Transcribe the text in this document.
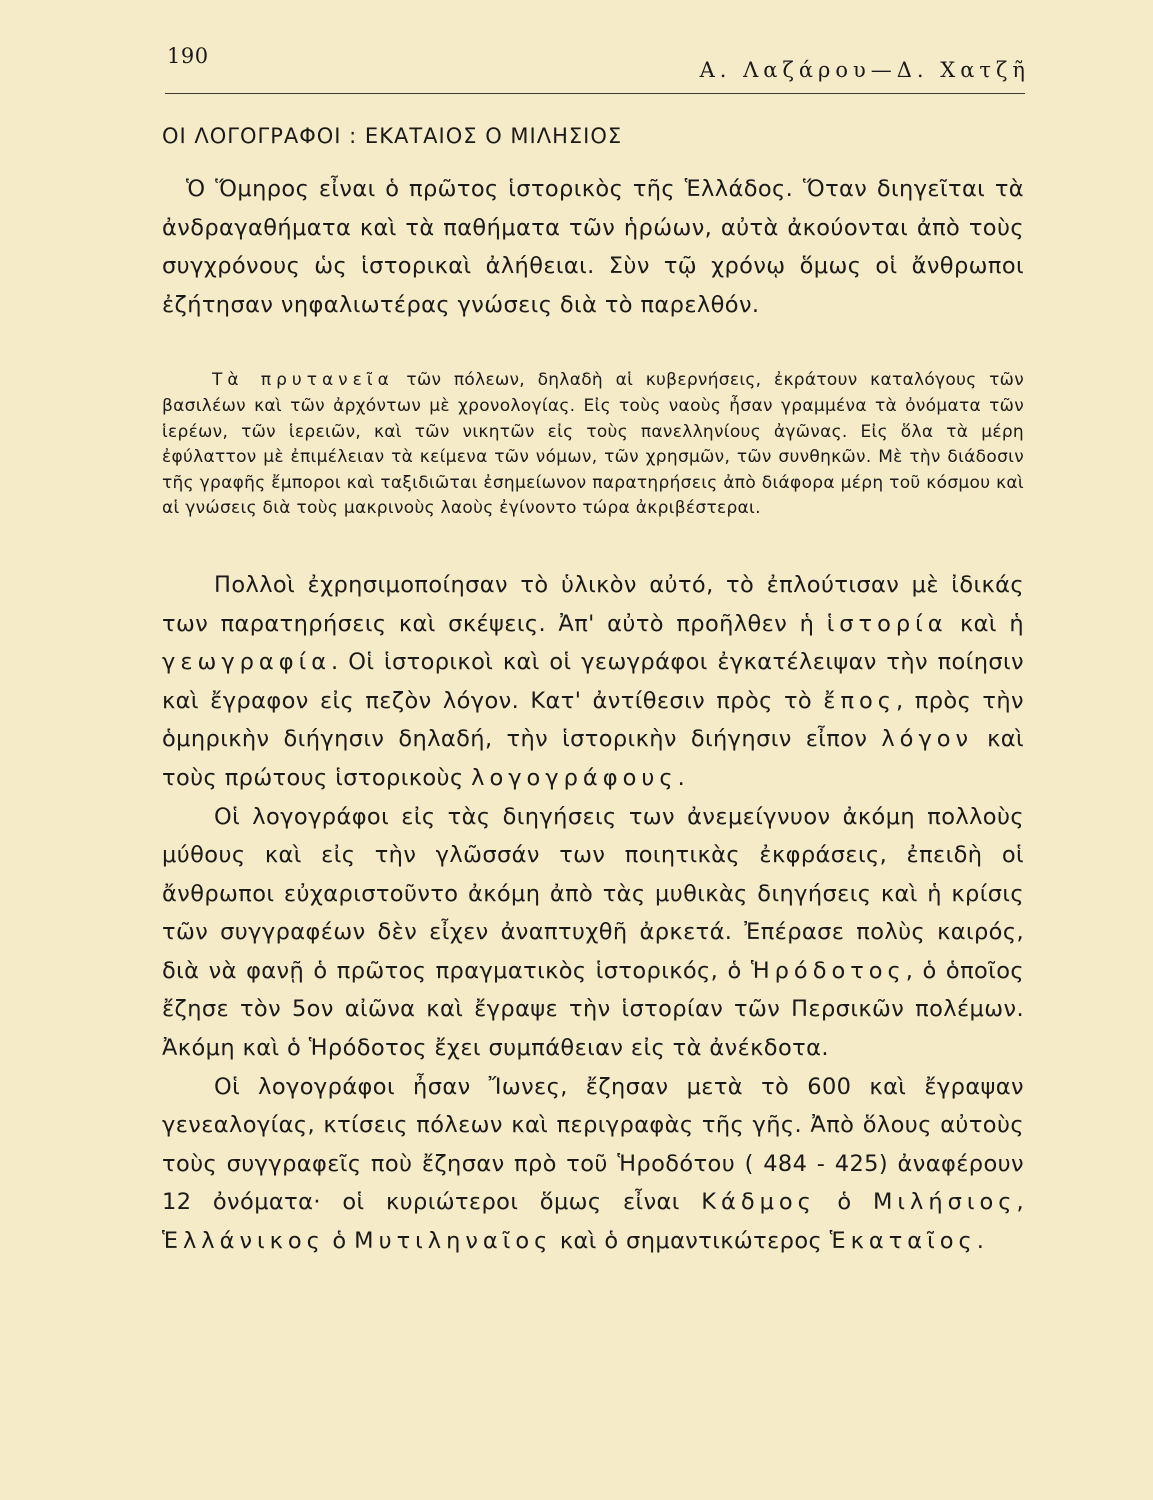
190
Α. Λαζάρου—Δ. Χατζῆ
ΟΙ ΛΟΓΟΓΡΑΦΟΙ : ΕΚΑΤΑΙΟΣ Ο ΜΙΛΗΣΙΟΣ

Ὁ Ὅμηρος εἶναι ὁ πρῶτος ἱστορικὸς τῆς Ἑλλάδος. Ὅταν διηγεῖται τὰ ἀνδραγαθήματα καὶ τὰ παθήματα τῶν ἡρώων, αὐτὰ ἀκούονται ἀπὸ τοὺς συγχρόνους ὡς ἱστορικαὶ ἀλήθειαι. Σὺν τῷ χρόνῳ ὅμως οἱ ἄνθρωποι ἐζήτησαν νηφαλιωτέρας γνώσεις διὰ τὸ παρελθόν.

Τὰ πρυτανεῖα τῶν πόλεων, δηλαδὴ αἱ κυβερνήσεις, ἐκράτουν καταλόγους τῶν βασιλέων καὶ τῶν ἀρχόντων μὲ χρονολογίας. Εἰς τοὺς ναοὺς ἦσαν γραμμένα τὰ ὀνόματα τῶν ἱερέων, τῶν ἱερειῶν, καὶ τῶν νικητῶν εἰς τοὺς πανελληνίους ἀγῶνας. Εἰς ὅλα τὰ μέρη ἐφύλαττον μὲ ἐπιμέλειαν τὰ κείμενα τῶν νόμων, τῶν χρησμῶν, τῶν συνθηκῶν. Μὲ τὴν διάδοσιν τῆς γραφῆς ἔμποροι καὶ ταξιδιῶται ἐσημείωνον παρατηρήσεις ἀπὸ διάφορα μέρη τοῦ κόσμου καὶ αἱ γνώσεις διὰ τοὺς μακρινοὺς λαοὺς ἐγίνοντο τώρα ἀκριβέστεραι.

Πολλοὶ ἐχρησιμοποίησαν τὸ ὑλικὸν αὐτό, τὸ ἐπλούτισαν μὲ ἰδικάς των παρατηρήσεις καὶ σκέψεις. Ἀπ' αὐτὸ προῆλθεν ἡ ἱστορία καὶ ἡ γεωγραφία. Οἱ ἱστορικοὶ καὶ οἱ γεωγράφοι ἐγκατέλειψαν τὴν ποίησιν καὶ ἔγραφον εἰς πεζὸν λόγον. Κατ' ἀντίθεσιν πρὸς τὸ ἔπος, πρὸς τὴν ὁμηρικὴν διήγησιν δηλαδή, τὴν ἱστορικὴν διήγησιν εἶπον λόγον καὶ τοὺς πρώτους ἱστορικοὺς λογογράφους.

Οἱ λογογράφοι εἰς τὰς διηγήσεις των ἀνεμείγνυον ἀκόμη πολλοὺς μύθους καὶ εἰς τὴν γλῶσσάν των ποιητικὰς ἐκφράσεις, ἐπειδὴ οἱ ἄνθρωποι εὐχαριστοῦντο ἀκόμη ἀπὸ τὰς μυθικὰς διηγήσεις καὶ ἡ κρίσις τῶν συγγραφέων δὲν εἶχεν ἀναπτυχθῆ ἀρκετά. Ἐπέρασε πολὺς καιρός, διὰ νὰ φανῇ ὁ πρῶτος πραγματικὸς ἱστορικός, ὁ Ἡρόδοτος, ὁ ὁποῖος ἔζησε τὸν 5ον αἰῶνα καὶ ἔγραψε τὴν ἱστορίαν τῶν Περσικῶν πολέμων. Ἀκόμη καὶ ὁ Ἡρόδοτος ἔχει συμπάθειαν εἰς τὰ ἀνέκδοτα.

Οἱ λογογράφοι ἦσαν Ἴωνες, ἔζησαν μετὰ τὸ 600 καὶ ἔγραψαν γενεαλογίας, κτίσεις πόλεων καὶ περιγραφὰς τῆς γῆς. Ἀπὸ ὅλους αὐτοὺς τοὺς συγγραφεῖς ποὺ ἔζησαν πρὸ τοῦ Ἡροδότου ( 484 - 425) ἀναφέρουν 12 ὀνόματα· οἱ κυριώτεροι ὅμως εἶναι Κάδμος ὁ Μιλήσιος, Ἑλλάνικος ὁ Μυτιληναῖος καὶ ὁ σημαντικώτερος Ἑκαταῖος.
